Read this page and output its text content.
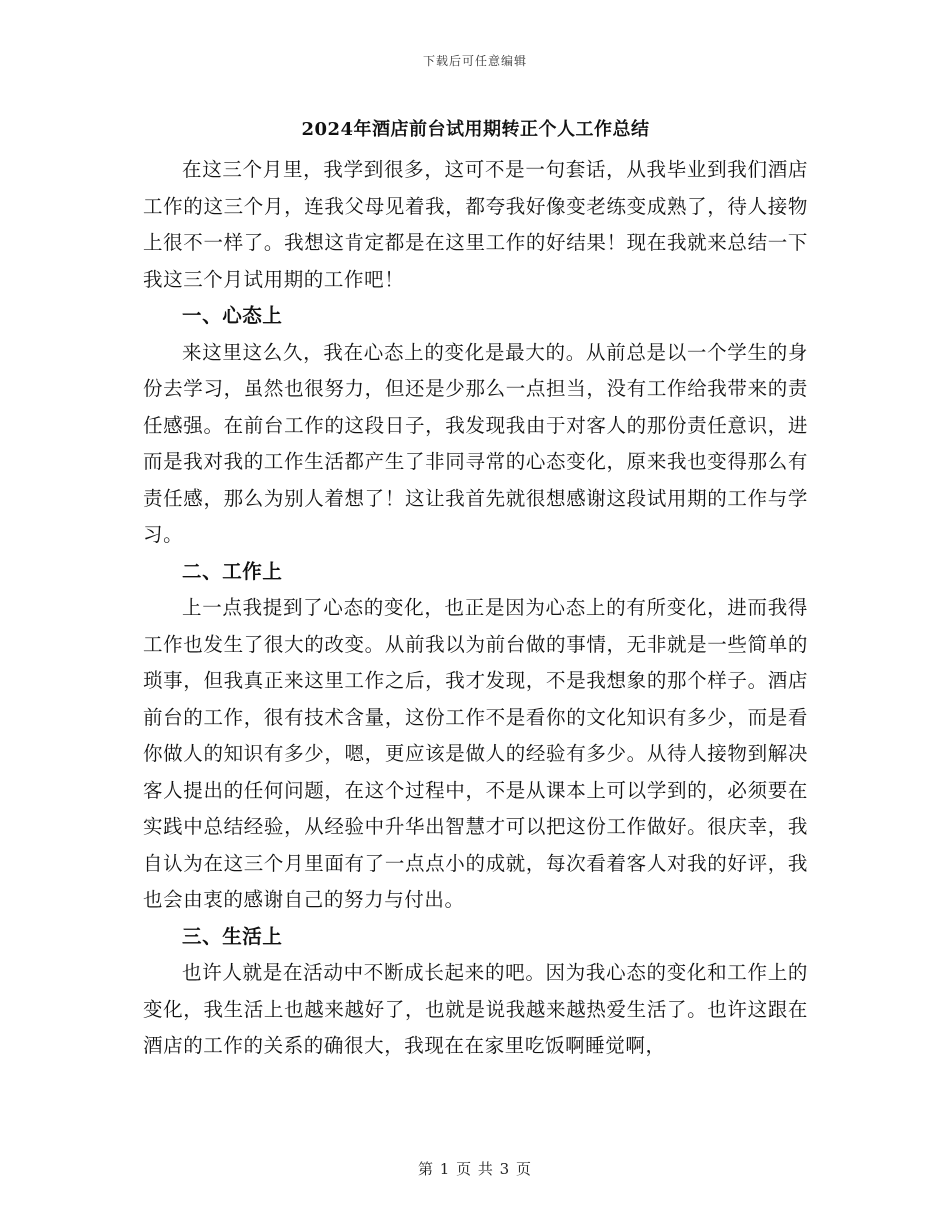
下载后可任意编辑
2024年酒店前台试用期转正个人工作总结

在这三个月里，我学到很多，这可不是一句套话，从我毕业到我们酒店工作的这三个月，连我父母见着我，都夸我好像变老练变成熟了，待人接物上很不一样了。我想这肯定都是在这里工作的好结果！现在我就来总结一下我这三个月试用期的工作吧！

一、心态上

来这里这么久，我在心态上的变化是最大的。从前总是以一个学生的身份去学习，虽然也很努力，但还是少那么一点担当，没有工作给我带来的责任感强。在前台工作的这段日子，我发现我由于对客人的那份责任意识，进而是我对我的工作生活都产生了非同寻常的心态变化，原来我也变得那么有责任感，那么为别人着想了！这让我首先就很想感谢这段试用期的工作与学习。

二、工作上

上一点我提到了心态的变化，也正是因为心态上的有所变化，进而我得工作也发生了很大的改变。从前我以为前台做的事情，无非就是一些简单的琐事，但我真正来这里工作之后，我才发现，不是我想象的那个样子。酒店前台的工作，很有技术含量，这份工作不是看你的文化知识有多少，而是看你做人的知识有多少，嗯，更应该是做人的经验有多少。从待人接物到解决客人提出的任何问题，在这个过程中，不是从课本上可以学到的，必须要在实践中总结经验，从经验中升华出智慧才可以把这份工作做好。很庆幸，我自认为在这三个月里面有了一点点小的成就，每次看着客人对我的好评，我也会由衷的感谢自己的努力与付出。

三、生活上

也许人就是在活动中不断成长起来的吧。因为我心态的变化和工作上的变化，我生活上也越来越好了，也就是说我越来越热爱生活了。也许这跟在酒店的工作的关系的确很大，我现在在家里吃饭啊睡觉啊，

第 1 页 共 3 页
